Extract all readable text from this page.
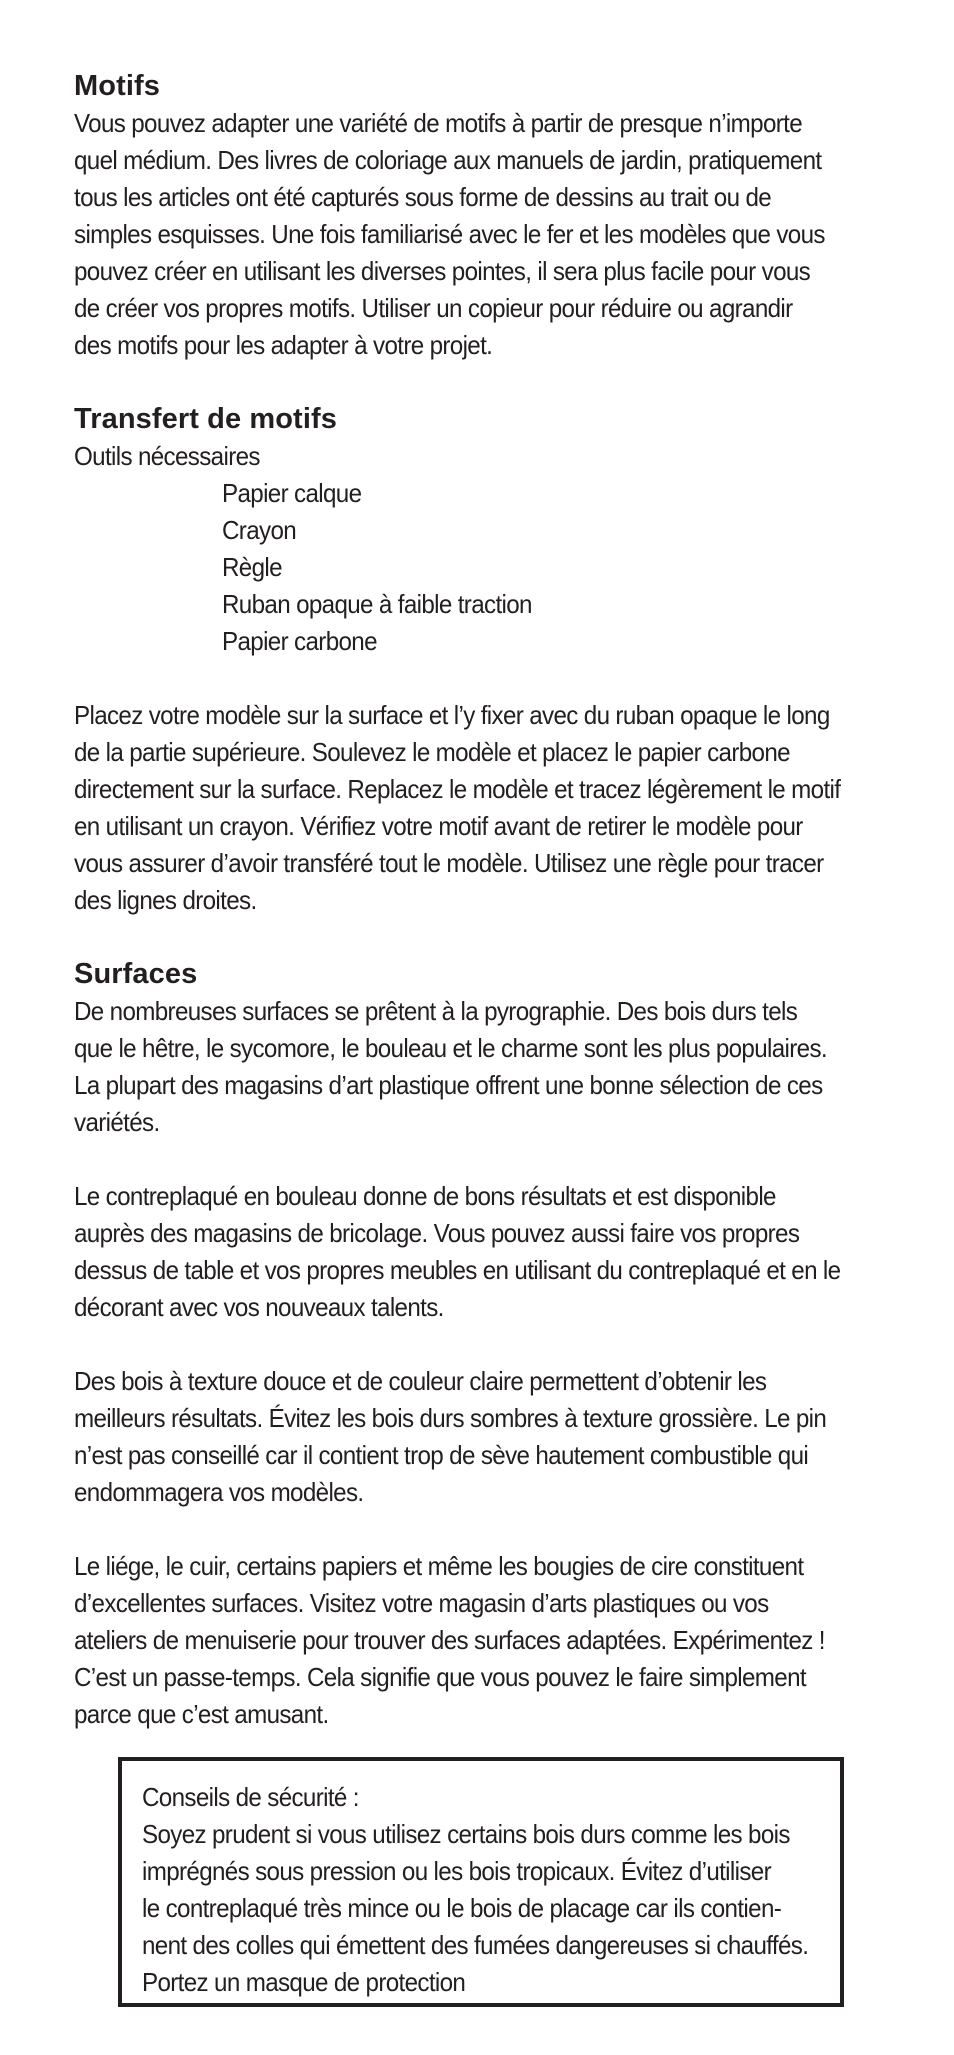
Motifs

Vous pouvez adapter une variété de motifs à partir de presque n’importe
quel médium. Des livres de coloriage aux manuels de jardin, pratiquement
tous les articles ont été capturés sous forme de dessins au trait ou de
simples esquisses. Une fois familiarisé avec le fer et les modèles que vous
pouvez créer en utilisant les diverses pointes, il sera plus facile pour vous
de créer vos propres motifs. Utiliser un copieur pour réduire ou agrandir
des motifs pour les adapter à votre projet.

Transfert de motifs

Outils nécessaires

Papier calque
Crayon
Règle
Ruban opaque à faible traction
Papier carbone

Placez votre modèle sur la surface et l’y fixer avec du ruban opaque le long
de la partie supérieure. Soulevez le modèle et placez le papier carbone
directement sur la surface. Replacez le modèle et tracez légèrement le motif
en utilisant un crayon. Vérifiez votre motif avant de retirer le modèle pour
vous assurer d’avoir transféré tout le modèle. Utilisez une règle pour tracer
des lignes droites.

Surfaces

De nombreuses surfaces se prêtent à la pyrographie. Des bois durs tels
que le hêtre, le sycomore, le bouleau et le charme sont les plus populaires.
La plupart des magasins d’art plastique offrent une bonne sélection de ces
variétés.

Le contreplaqué en bouleau donne de bons résultats et est disponible
auprès des magasins de bricolage. Vous pouvez aussi faire vos propres
dessus de table et vos propres meubles en utilisant du contreplaqué et en le
décorant avec vos nouveaux talents.

Des bois à texture douce et de couleur claire permettent d’obtenir les
meilleurs résultats. Évitez les bois durs sombres à texture grossière. Le pin
n’est pas conseillé car il contient trop de sève hautement combustible qui
endommagera vos modèles.

Le liége, le cuir, certains papiers et même les bougies de cire constituent
d’excellentes surfaces. Visitez votre magasin d’arts plastiques ou vos
ateliers de menuiserie pour trouver des surfaces adaptées. Expérimentez !
C’est un passe-temps. Cela signifie que vous pouvez le faire simplement
parce que c’est amusant.

Conseils de sécurité :

Soyez prudent si vous utilisez certains bois durs comme les bois
imprégnés sous pression ou les bois tropicaux. Évitez d’utiliser
le contreplaqué très mince ou le bois de placage car ils contien-
nent des colles qui émettent des fumées dangereuses si chauffés.
Portez un masque de protection
